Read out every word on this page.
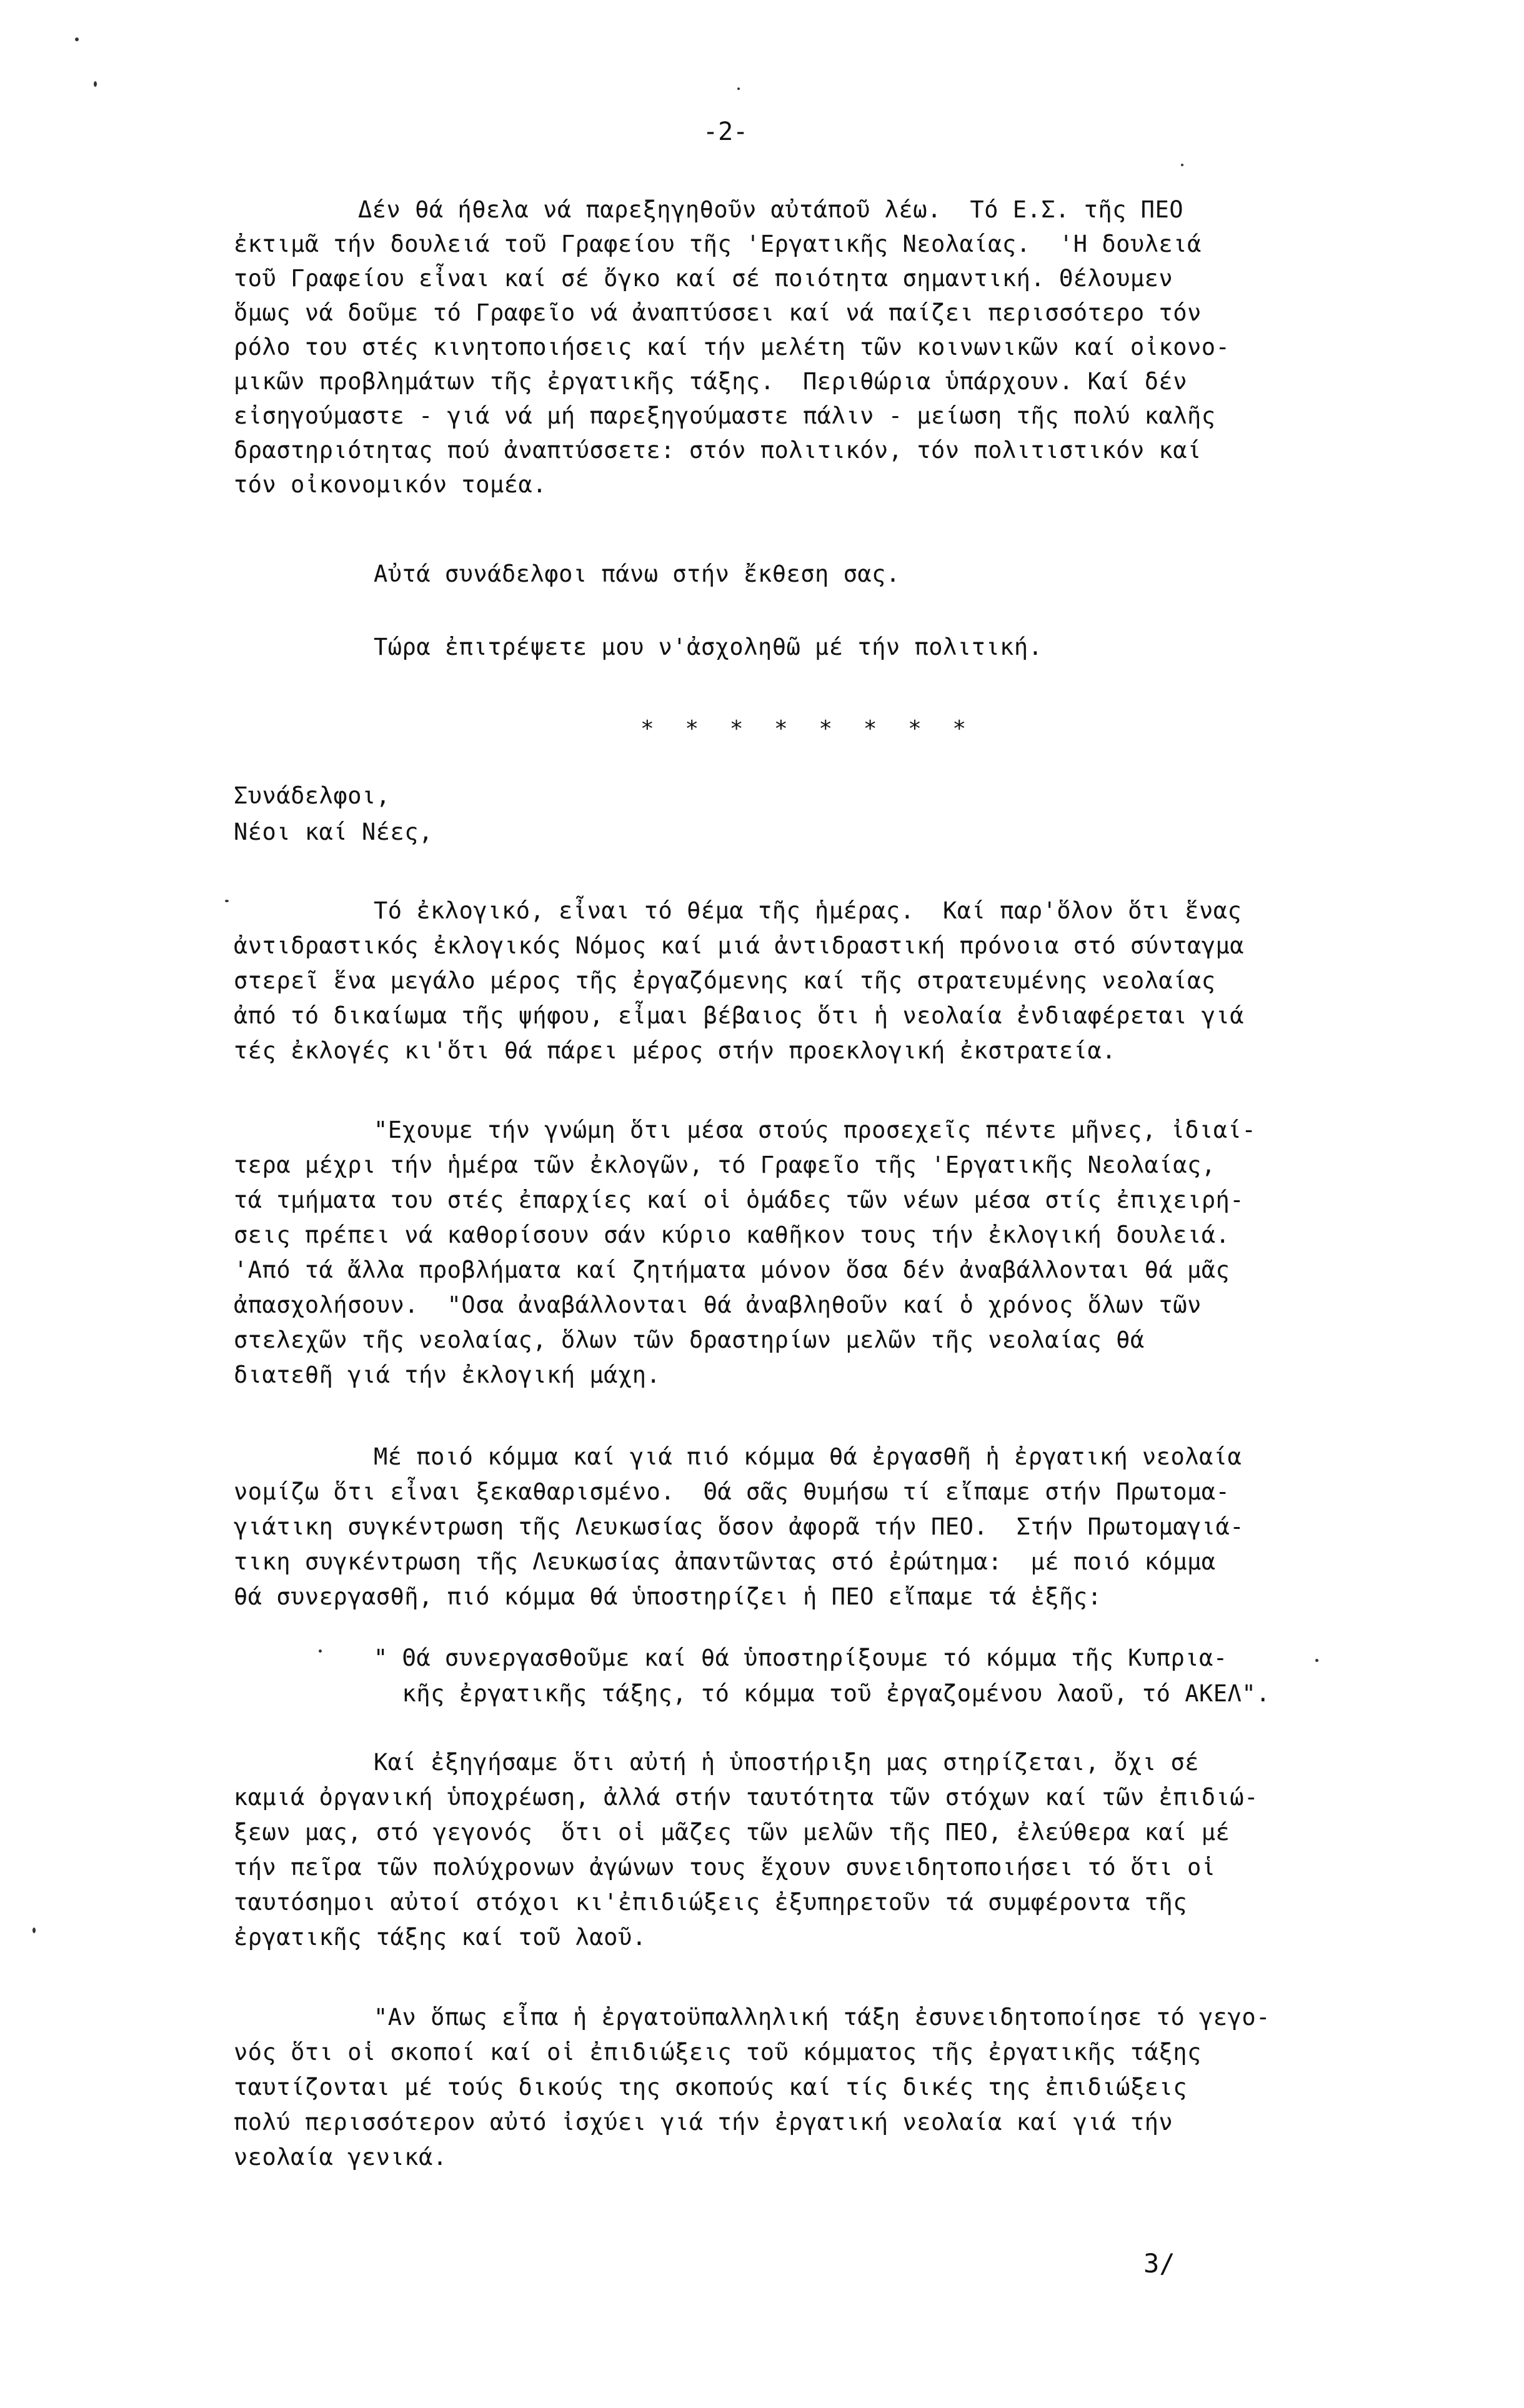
-2-
Δέν θά ήθελα νά παρεξηγηθοῦν αὐτάποῦ λέω.  Τό Ε.Σ. τῆς ΠΕΟ
ἐκτιμᾶ τήν δουλειά τοῦ Γραφείου τῆς 'Εργατικῆς Νεολαίας.  'Η δουλειά
τοῦ Γραφείου εἶναι καί σέ ὄγκο καί σέ ποιότητα σημαντική. Θέλουμεν
ὅμως νά δοῦμε τό Γραφεῖο νά ἀναπτύσσει καί νά παίζει περισσότερο τόν
ρόλο του στές κινητοποιήσεις καί τήν μελέτη τῶν κοινωνικῶν καί οἰκονο-
μικῶν προβλημάτων τῆς ἐργατικῆς τάξης.  Περιθώρια ὑπάρχουν. Καί δέν
εἰσηγούμαστε - γιά νά μή παρεξηγούμαστε πάλιν - μείωση τῆς πολύ καλῆς
δραστηριότητας πού ἀναπτύσσετε: στόν πολιτικόν, τόν πολιτιστικόν καί
τόν οἰκονομικόν τομέα.
Αὐτά συνάδελφοι πάνω στήν ἔκθεση σας.
Τώρα ἐπιτρέψετε μου ν'ἀσχοληθῶ μέ τήν πολιτική.
* * * * * * * *
Συνάδελφοι,
Νέοι καί Νέες,
Τό ἐκλογικό, εἶναι τό θέμα τῆς ἡμέρας.  Καί παρ'ὅλον ὅτι ἕνας
ἀντιδραστικός ἐκλογικός Νόμος καί μιά ἀντιδραστική πρόνοια στό σύνταγμα
στερεῖ ἕνα μεγάλο μέρος τῆς ἐργαζόμενης καί τῆς στρατευμένης νεολαίας
ἀπό τό δικαίωμα τῆς ψήφου, εἶμαι βέβαιος ὅτι ἡ νεολαία ἐνδιαφέρεται γιά
τές ἐκλογές κι'ὅτι θά πάρει μέρος στήν προεκλογική ἐκστρατεία.
"Εχουμε τήν γνώμη ὅτι μέσα στούς προσεχεῖς πέντε μῆνες, ἰδιαί-
τερα μέχρι τήν ἡμέρα τῶν ἐκλογῶν, τό Γραφεῖο τῆς 'Εργατικῆς Νεολαίας,
τά τμήματα του στές ἐπαρχίες καί οἱ ὁμάδες τῶν νέων μέσα στίς ἐπιχειρή-
σεις πρέπει νά καθορίσουν σάν κύριο καθῆκον τους τήν ἐκλογική δουλειά.
'Από τά ἄλλα προβλήματα καί ζητήματα μόνον ὅσα δέν ἀναβάλλονται θά μᾶς
ἀπασχολήσουν.  "Οσα ἀναβάλλονται θά ἀναβληθοῦν καί ὁ χρόνος ὅλων τῶν
στελεχῶν τῆς νεολαίας, ὅλων τῶν δραστηρίων μελῶν τῆς νεολαίας θά
διατεθῆ γιά τήν ἐκλογική μάχη.
Μέ ποιό κόμμα καί γιά πιό κόμμα θά ἐργασθῆ ἡ ἐργατική νεολαία
νομίζω ὅτι εἶναι ξεκαθαρισμένο.  Θά σᾶς θυμήσω τί εἴπαμε στήν Πρωτομα-
γιάτικη συγκέντρωση τῆς Λευκωσίας ὅσον ἀφορᾶ τήν ΠΕΟ.  Στήν Πρωτομαγιά-
τικη συγκέντρωση τῆς Λευκωσίας ἀπαντῶντας στό ἐρώτημα:  μέ ποιό κόμμα
θά συνεργασθῆ, πιό κόμμα θά ὑποστηρίζει ἡ ΠΕΟ εἴπαμε τά ἑξῆς:
" Θά συνεργασθοῦμε καί θά ὑποστηρίξουμε τό κόμμα τῆς Κυπρια-
κῆς ἐργατικῆς τάξης, τό κόμμα τοῦ ἐργαζομένου λαοῦ, τό ΑΚΕΛ".
Καί ἐξηγήσαμε ὅτι αὐτή ἡ ὑποστήριξη μας στηρίζεται, ὄχι σέ
καμιά ὀργανική ὑποχρέωση, ἀλλά στήν ταυτότητα τῶν στόχων καί τῶν ἐπιδιώ-
ξεων μας, στό γεγονός  ὅτι οἱ μᾶζες τῶν μελῶν τῆς ΠΕΟ, ἐλεύθερα καί μέ
τήν πεῖρα τῶν πολύχρονων ἀγώνων τους ἔχουν συνειδητοποιήσει τό ὅτι οἱ
ταυτόσημοι αὐτοί στόχοι κι'ἐπιδιώξεις ἐξυπηρετοῦν τά συμφέροντα τῆς
ἐργατικῆς τάξης καί τοῦ λαοῦ.
"Αν ὅπως εἶπα ἡ ἐργατοϋπαλληλική τάξη ἐσυνειδητοποίησε τό γεγο-
νός ὅτι οἱ σκοποί καί οἱ ἐπιδιώξεις τοῦ κόμματος τῆς ἐργατικῆς τάξης
ταυτίζονται μέ τούς δικούς της σκοπούς καί τίς δικές της ἐπιδιώξεις
πολύ περισσότερον αὐτό ἰσχύει γιά τήν ἐργατική νεολαία καί γιά τήν
νεολαία γενικά.
3/
